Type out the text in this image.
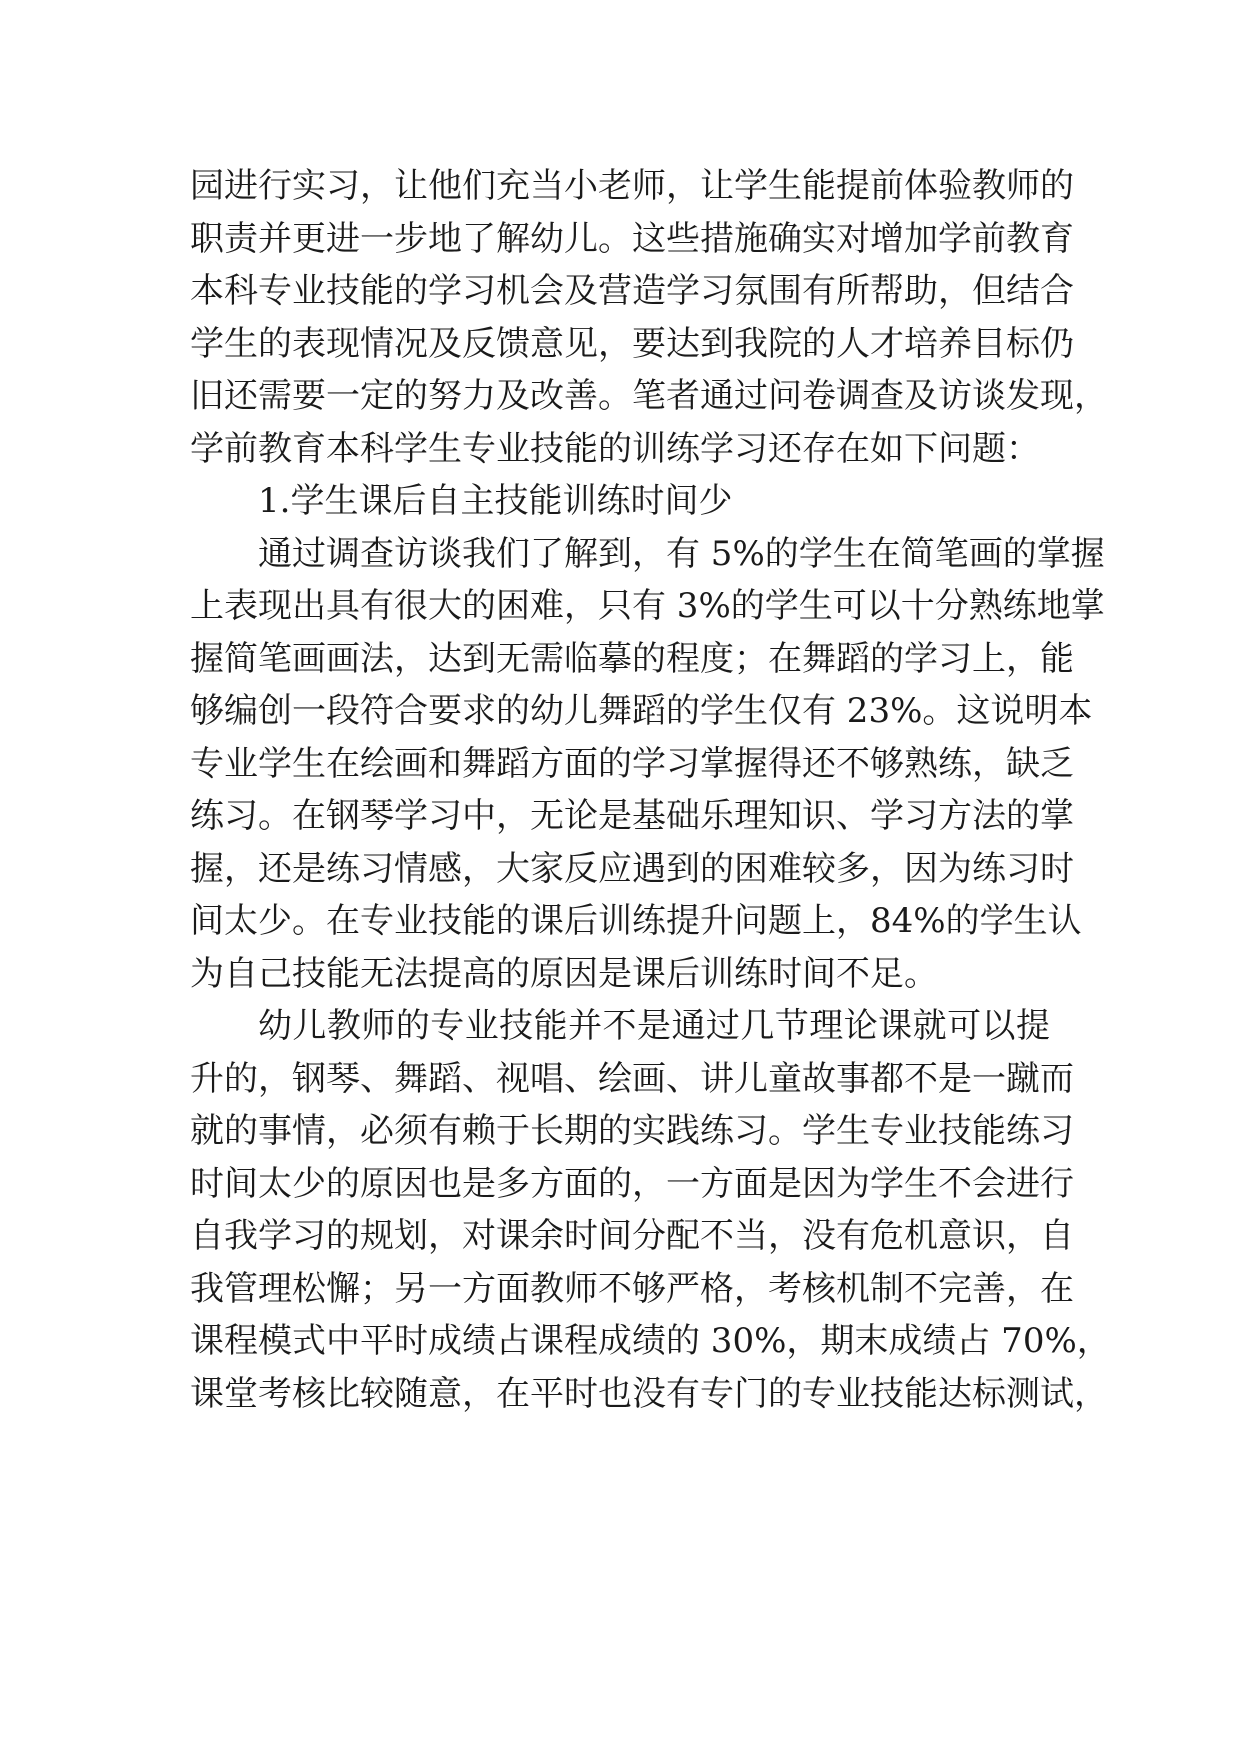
园进行实习，让他们充当小老师，让学生能提前体验教师的
职责并更进一步地了解幼儿。这些措施确实对增加学前教育
本科专业技能的学习机会及营造学习氛围有所帮助，但结合
学生的表现情况及反馈意见，要达到我院的人才培养目标仍
旧还需要一定的努力及改善。笔者通过问卷调查及访谈发现，
学前教育本科学生专业技能的训练学习还存在如下问题：
1.学生课后自主技能训练时间少
通过调查访谈我们了解到，有 5%的学生在简笔画的掌握
上表现出具有很大的困难，只有 3%的学生可以十分熟练地掌
握简笔画画法，达到无需临摹的程度；在舞蹈的学习上，能
够编创一段符合要求的幼儿舞蹈的学生仅有 23%。这说明本
专业学生在绘画和舞蹈方面的学习掌握得还不够熟练，缺乏
练习。在钢琴学习中，无论是基础乐理知识、学习方法的掌
握，还是练习情感，大家反应遇到的困难较多，因为练习时
间太少。在专业技能的课后训练提升问题上，84%的学生认
为自己技能无法提高的原因是课后训练时间不足。
幼儿教师的专业技能并不是通过几节理论课就可以提
升的，钢琴、舞蹈、视唱、绘画、讲儿童故事都不是一蹴而
就的事情，必须有赖于长期的实践练习。学生专业技能练习
时间太少的原因也是多方面的，一方面是因为学生不会进行
自我学习的规划，对课余时间分配不当，没有危机意识，自
我管理松懈；另一方面教师不够严格，考核机制不完善，在
课程模式中平时成绩占课程成绩的 30%，期末成绩占 70%，
课堂考核比较随意，在平时也没有专门的专业技能达标测试，
